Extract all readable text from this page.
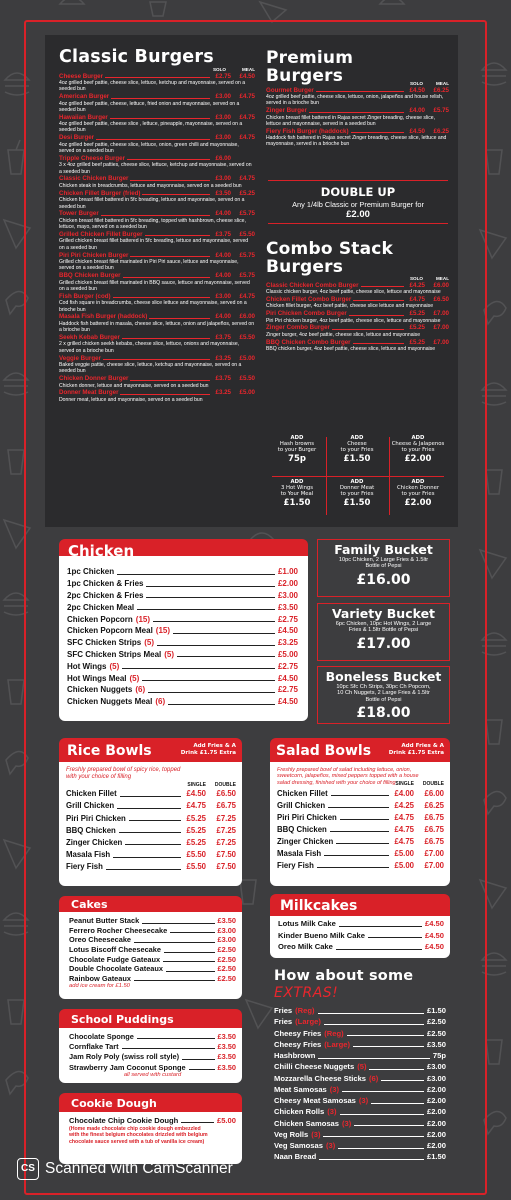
Classic Burgers
SOLO	MEAL
Cheese Burger	£2.75	£4.50
4oz grilled beef pattie, cheese slice, lettuce, ketchup and mayonnaise, served on a seeded bun
American Burger	£3.00	£4.75
4oz grilled beef pattie, cheese, lettuce, fried onion and mayonnaise, served on a seeded bun
Hawaiian Burger	£3.00	£4.75
4oz grilled beef pattie, cheese slice , lettuce, pineapple, mayonnaise, served on a seeded bun
Desi Burger	£3.00	£4.75
4oz grilled beef pattie, cheese slice, lettuce, onion, green chilli and mayonnaise, served on a seeded bun
Tripple Cheese Burger	£6.00
3 x 4oz grilled beef patties, cheese slice, lettuce, ketchup and mayonnaise, served on a seeded bun
Classic Chicken Burger	£3.00	£4.75
Chicken steak in breadcrumbs, lettuce and mayonnaise, served on a seeded bun
Chicken Fillet Burger (fried)	£3.50	£5.25
Chicken breast fillet battered in 5fc breading, lettuce and mayonnaise, served on a seeded bun
Tower Burger	£4.00	£5.75
Chicken breast fillet battered in 5fc breading, topped with hashbrown, cheese slice, lettuce, mayo, served on a seeded bun
Grilled Chicken Fillet Burger	£3.75	£5.50
Grilled chicken breast fillet battered in 5fc breading, lettuce and mayonnaise, served on a seeded bun
Piri Piri Chicken Burger	£4.00	£5.75
Grilled chicken breast fillet marinated in Piri Piri sauce, lettuce and mayonnaise, served on a seeded bun
BBQ Chicken Burger	£4.00	£5.75
Grilled chicken breast fillet marinated in BBQ sauce, lettuce and mayonnaise, served on a seeded bun
Fish Burger (cod)	£3.00	£4.75
Cod fish square in breadcrumbs, cheese slice lettuce and mayonnaise, served on a brioche bun
Masala Fish Burger (haddock)	£4.00	£6.00
Haddock fish battered in masala, cheese slice, lettuce, onion and jalapeños, served on a brioche bun
Seekh Kebab Burger	£3.75	£5.50
2 x grilled chicken seekh kebabs, cheese slice, lettuce, onions and mayonnaise, served on a brioche bun
Veggie Burger	£3.25	£5.00
Baked veggie pattie, cheese slice, lettuce, ketchup and mayonnaise, served on a seeded bun
Chicken Donner Burger	£3.75	£5.50
Chicken donner, lettuce and mayonnaise, served on a seeded bun
Donner Meat Burger	£3.25	£5.00
Donner meat, lettuce and mayonnaise, served on a seeded bun
Premium
Burgers	SOLO	MEAL
Gourmet Burger	£4.50	£6.25
4oz grilled beef pattie, cheese slice, lettuce, onion, jalapeños and house relish, served in a brioche bun
Zinger Burger	£4.00	£5.75
Chicken breast fillet battered in Rajas secret Zinger breading, cheese slice, lettuce and mayonnaise, served in a seeded bun
Fiery Fish Burger (haddock)	£4.50	£6.25
Haddock fish battered in Rajas secret Zinger breading, cheese slice, lettuce and mayonnaise, served in a brioche bun
DOUBLE UP
Any 1/4lb Classic or Premium Burger for
£2.00
Combo Stack
Burgers
SOLO	MEAL
Classic Chicken Combo Burger	£4.25	£6.00
Classic chicken burger, 4oz beef pattie, cheese slice, lettuce and mayonnaise
Chicken Fillet Combo Burger	£4.75	£6.50
Chicken fillet burger, 4oz beef pattie, cheese slice lettuce and mayonnaise
Piri Chicken Combo Burger	£5.25	£7.00
Piri Piri chicken burger, 4oz beef pattie, cheese slice, lettuce and mayonnaise
Zinger Combo Burger	£5.25	£7.00
Zinger burger, 4oz beef pattie, cheese slice, lettuce and mayonnaise
BBQ Chicken Combo Burger	£5.25	£7.00
BBQ chicken burger, 4oz beef pattie, cheese slice, lettuce and mayonnaise
ADD
Hash browns
to your Burger
75p
ADD
Cheese
to your Fries
£1.50
ADD
Cheese & Jalapenos
to your Fries
£2.00
ADD
3 Hot Wings
to Your Meal
£1.50
ADD
Donner Meat
to your Fries
£1.50
ADD
Chicken Donner
to your Fries
£2.00
1pc Chicken	£1.00
1pc Chicken & Fries	£2.00
2pc Chicken & Fries	£3.00
2pc Chicken Meal	£3.50
Chicken Popcorn (15)	£2.75
Chicken Popcorn Meal (15)	£4.50
SFC Chicken Strips (5)	£3.25
SFC Chicken Strips Meal (5)	£5.00
Hot Wings (5)	£2.75
Hot Wings Meal (5)	£4.50
Chicken Nuggets (6)	£2.75
Chicken Nuggets Meal (6)	£4.50
Chicken	Family Bucket
10pc Chicken, 2 Large Fries & 1.5ltr Bottle of Pepsi
£16.00
Variety Bucket
6pc Chicken, 10pc Hot Wings, 2 Large Fries & 1.5ltr Bottle of Pepsi
£17.00
Boneless Bucket
10pc Sfc Ch Strips, 30pc Ch Popcorn, 10 Ch Nuggets, 2 Large Fries & 1.5ltr Bottle of Pepsi
£18.00
Rice Bowls	Add Fries & A
Drink £1.75 Extra
Freshly prepared bowl of spicy rice, topped with your choice of filling
SINGLE	DOUBLE
Chicken Fillet	£4.50	£6.50
Grill Chicken	£4.75	£6.75
Piri Piri Chicken	£5.25	£7.25
BBQ Chicken	£5.25	£7.25
Zinger Chicken	£5.25	£7.25
Masala Fish	£5.50	£7.50
Fiery Fish	£5.50	£7.50
Salad Bowls	Add Fries & A
Drink £1.75 Extra
Freshly prepared bowl of salad including lettuce, onion, sweetcorn, jalapeños, mixed peppers topped with a house salad dressing, finished with your choice of filling SINGLE	DOUBLE
Chicken Fillet	£4.00	£6.00
Grill Chicken	£4.25	£6.25
Piri Piri Chicken	£4.75	£6.75
BBQ Chicken	£4.75	£6.75
Zinger Chicken	£4.75	£6.75
Masala Fish	£5.00	£7.00
Fiery Fish	£5.00	£7.00
Cakes
Peanut Butter Stack	£3.50
Ferrero Rocher Cheesecake	£3.00
Oreo Cheesecake	£3.00
Lotus Biscoff Cheesecake	£2.50
Chocolate Fudge Gateaux	£2.50
Double Chocolate Gateaux	£2.50
Rainbow Gateaux	£2.50
add ice cream for £1.50
Milkcakes
Lotus Milk Cake	£4.50
Kinder Bueno Milk Cake	£4.50
Oreo Milk Cake	£4.50
School Puddings
Chocolate Sponge	£3.50
Cornflake Tart	£3.50
Jam Roly Poly (swiss roll style)	£3.50
Strawberry Jam Coconut Sponge	£3.50
all served with custard
Cookie Dough
Chocolate Chip Cookie Dough	£5.00
(Home made chocolate chip cookie dough embezzled with the finest belgium chocolates drizzled with belgium chocolate sauce served with a tub of vanilla ice cream)
How about some
EXTRAS!
Fries (Reg)	£1.50
Fries (Large)	£2.50
Cheesy Fries (Reg)	£2.50
Cheesy Fries (Large)	£3.50
Hashbrown	75p
Chilli Cheese Nuggets (5)	£3.00
Mozzarella Cheese Sticks (6)	£3.00
Meat Samosas (3)	£2.00
Cheesy Meat Samosas (3)	£2.00
Chicken Rolls (3)	£2.00
Chicken Samosas (3)	£2.00
Veg Rolls (3)	£2.00
Veg Samosas (3)	£2.00
Naan Bread	£1.50
CS Scanned with CamScanner
